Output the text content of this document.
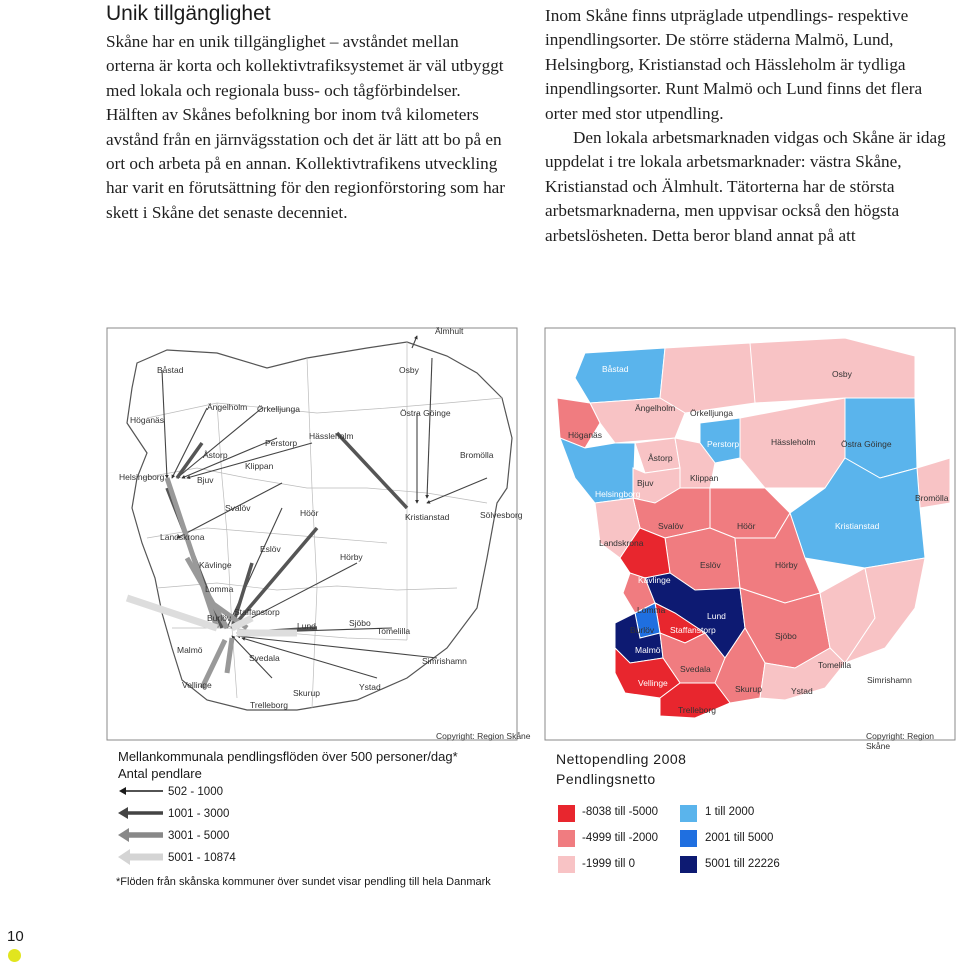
Unik tillgänglighet
Skåne har en unik tillgänglighet – avståndet mellan orterna är korta och kollektivtrafiksystemet är väl utbyggt med lokala och regionala buss- och tågförbindelser. Hälften av Skånes befolkning bor inom två kilometers avstånd från en järnvägsstation och det är lätt att bo på en ort och arbeta på en annan. Kollektivtrafikens utveckling har varit en förutsättning för den regionförstoring som har skett i Skåne det senaste decenniet.

Inom Skåne finns utpräglade utpendlings- respektive inpendlingsorter. De större städerna Malmö, Lund, Helsingborg, Kristianstad och Hässleholm är tydliga inpendlingsorter. Runt Malmö och Lund finns det flera orter med stor utpendling.

Den lokala arbetsmarknaden vidgas och Skåne är idag uppdelat i tre lokala arbetsmarknader: västra Skåne, Kristianstad och Älmhult. Tätorterna har de största arbetsmarknaderna, men uppvisar också den högsta arbetslösheten. Detta beror bland annat på att

Älmhult
Båstad	Osby
Höganäs
Ängelholm Örkelljunga	Östra Göinge
Perstorp
Hässleholm
Åstorp	Bromölla
Klippan
Helsingborg	Bjuv
Svalöv	Höör	Kristianstad	Sölvesborg
Landskrona
Eslöv
Hörby
Kävlinge
Lomma
Staffanstorp
Burlöv
Lund	Sjöbo
Tomelilla
Malmö
Svedala	Simrishamn
Vellinge
Skurup
Ystad
Trelleborg
Copyright: Region Skåne
Båstad	Osby
Ängelholm Örkelljunga
Höganäs
Perstorp	Hässleholm	Östra Göinge
Åstorp
Klippan
Bjuv
Helsingborg	Bromölla
Svalöv	Höör	Kristianstad
Landskrona
Eslöv	Hörby
Kävlinge
Lomma
Lund
Burlöv Staffanstorp
Sjöbo
Malmö
Tomelilla
Svedala
Simrishamn
Vellinge
Skurup	Ystad
Trelleborg
Copyright: Region Skåne
Mellankommunala pendlingsflöden över 500 personer/dag*
Antal pendlare
502 - 1000
1001 - 3000
3001 - 5000
5001 - 10874
*Flöden från skånska kommuner över sundet visar pendling till hela Danmark
Nettopendling 2008
Pendlingsnetto
-8038 till -5000
-4999 till -2000
-1999 till 0
1 till 2000
2001 till 5000
5001 till 22226
10
